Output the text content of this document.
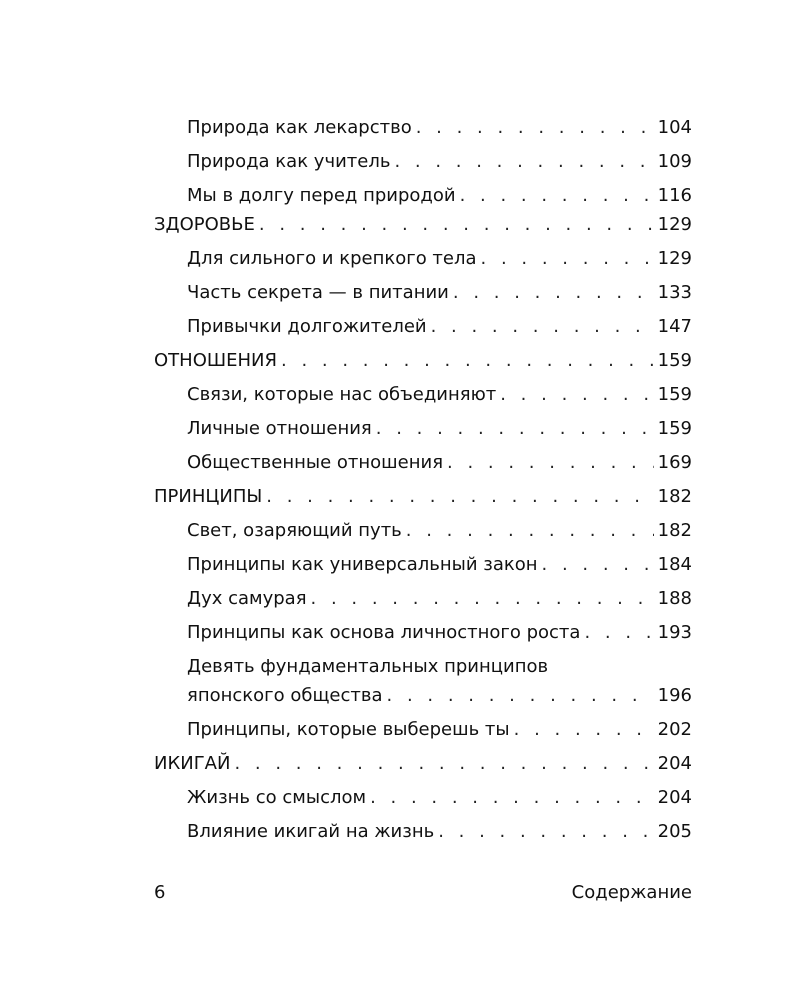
Природа как лекарство . . .	104
Природа как учитель . . .	109
Мы в долгу перед природой . . .	116
ЗДОРОВЬЕ . . .	129
Для сильного и крепкого тела . . .	129
Часть секрета — в питании . . .	133
Привычки долгожителей . . .	147
ОТНОШЕНИЯ . . .	159
Связи, которые нас объединяют . . .	159
Личные отношения . . .	159
Общественные отношения . . .	169
ПРИНЦИПЫ . . .	182
Свет, озаряющий путь . . .	182
Принципы как универсальный закон . . .	184
Дух самурая . . .	188
Принципы как основа личностного роста . . .	193
Девять фундаментальных принципов
японского общества . . .	196
Принципы, которые выберешь ты . . .	202
ИКИГАЙ . . .	204
Жизнь со смыслом . . .	204
Влияние икигай на жизнь . . .	205
6	Содержание
